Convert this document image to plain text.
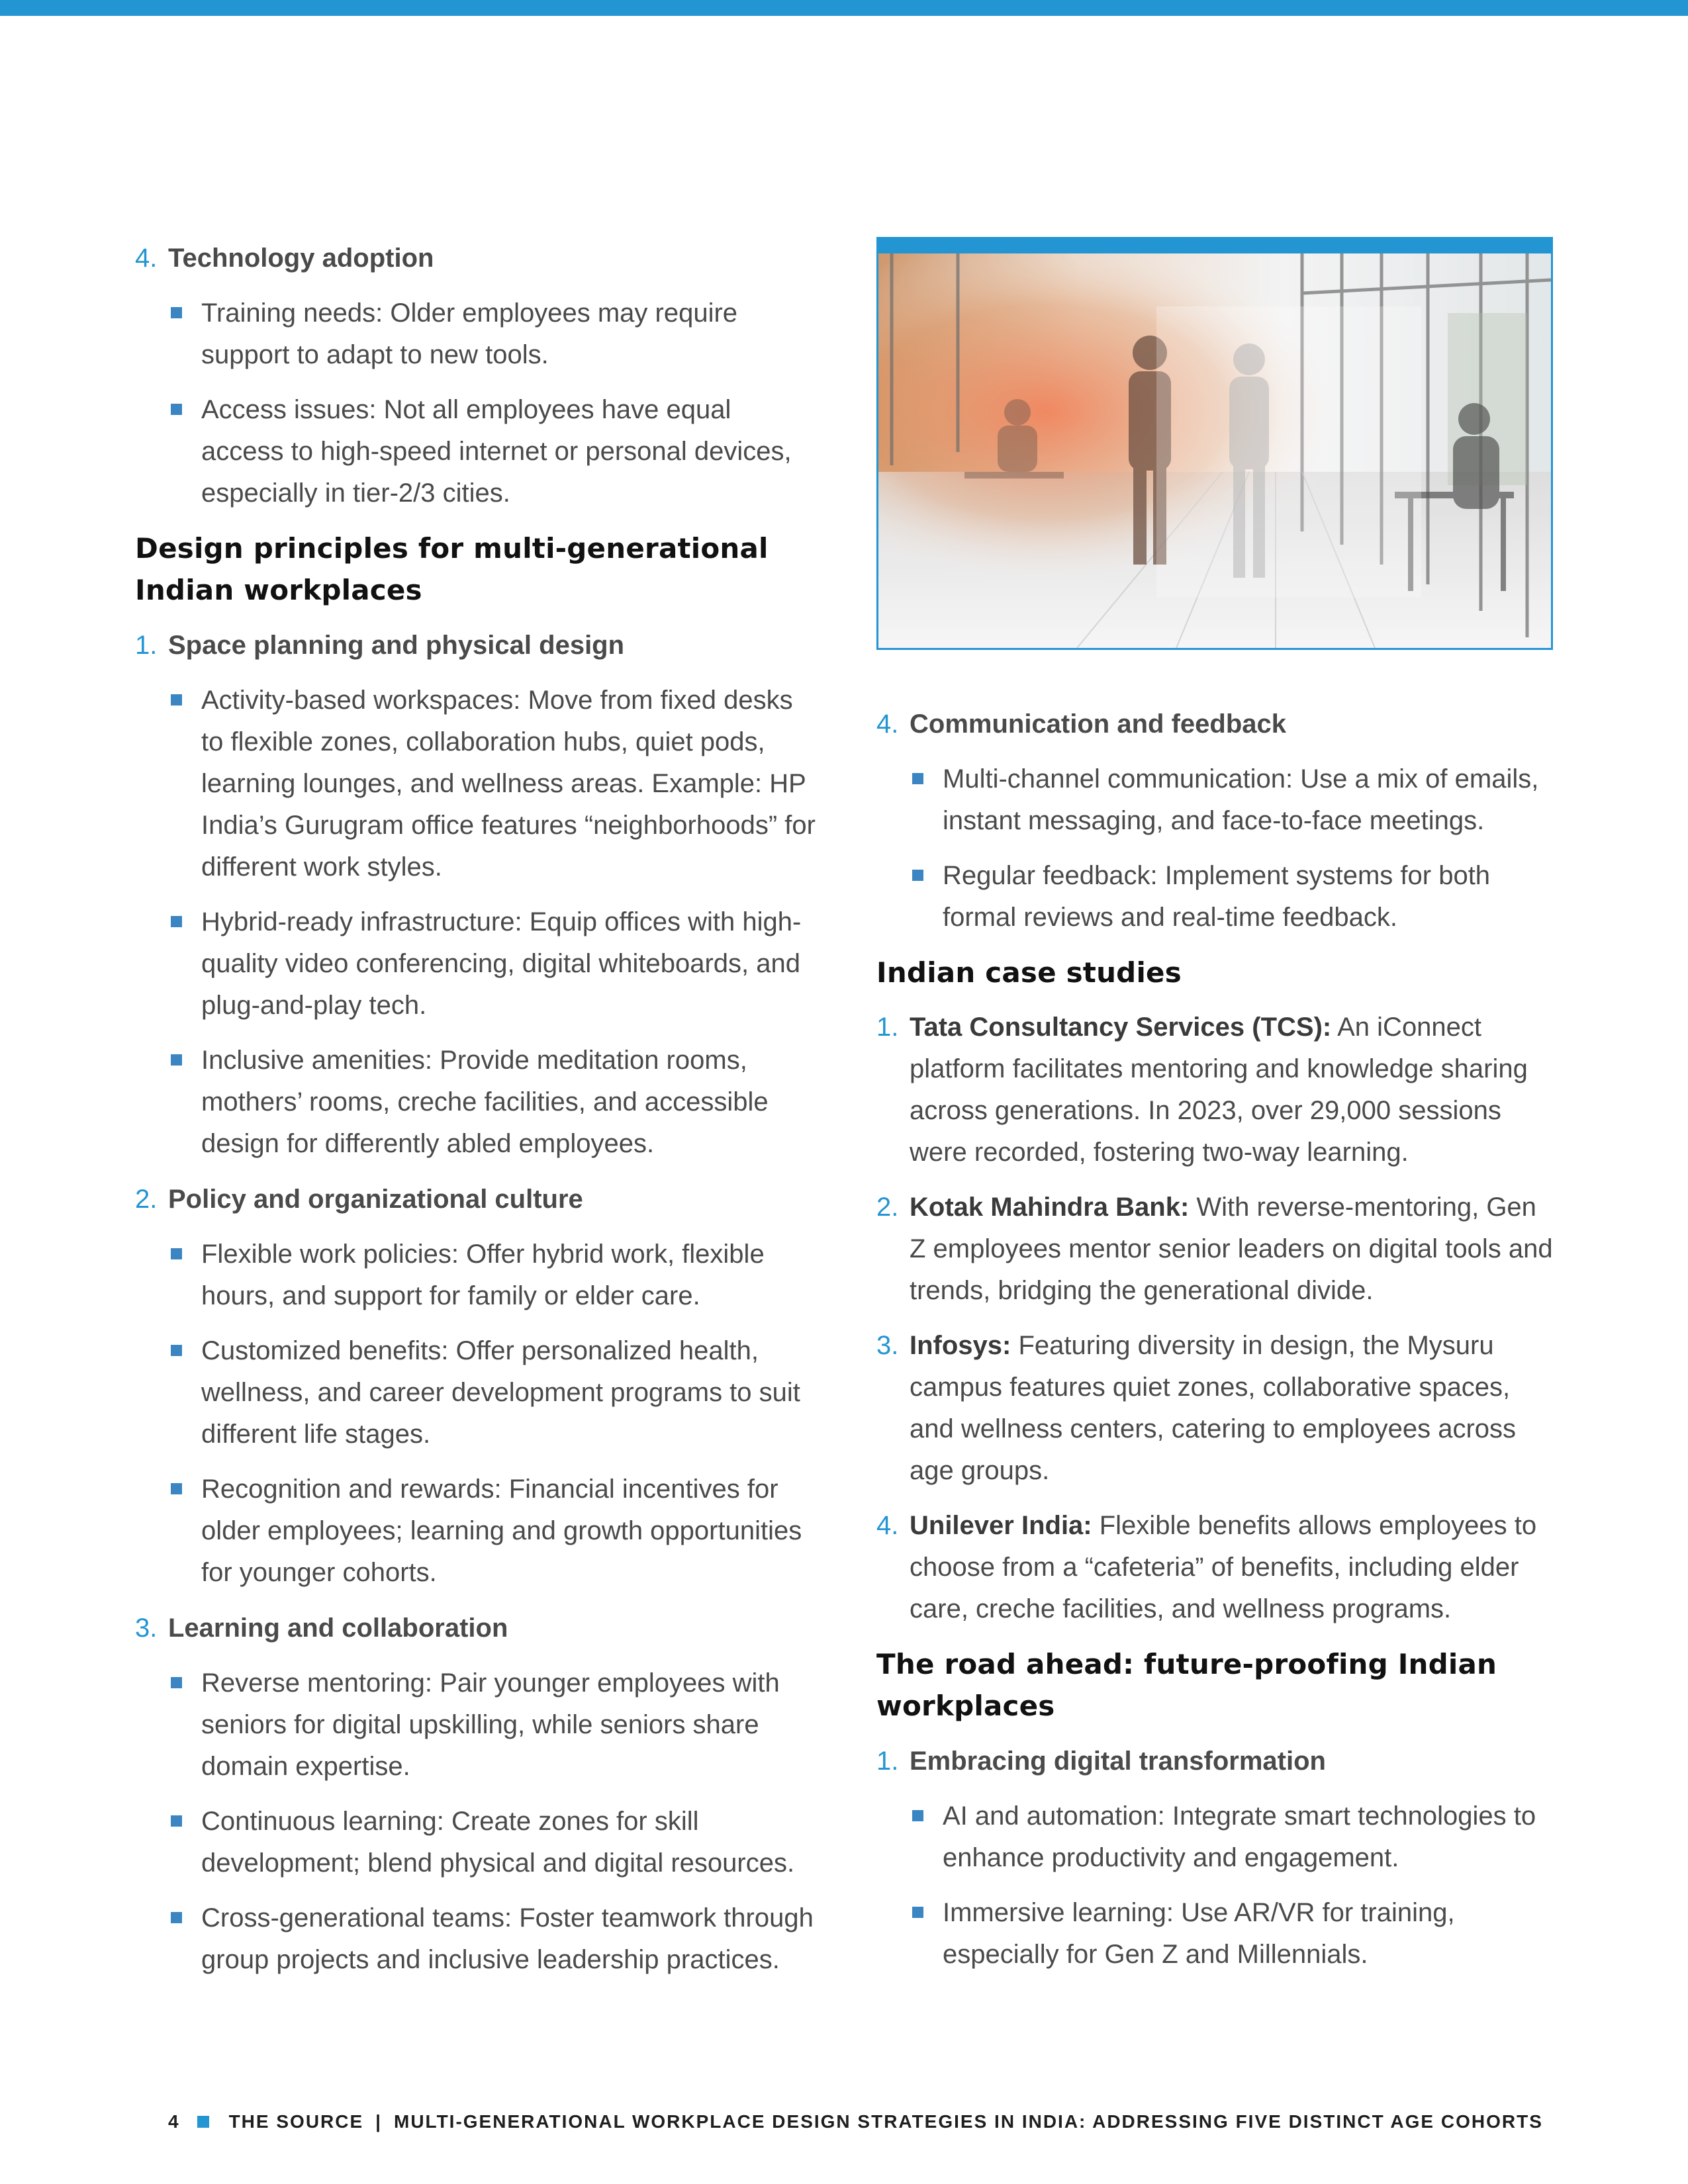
4. Technology adoption
Training needs: Older employees may require support to adapt to new tools.
Access issues: Not all employees have equal access to high-speed internet or personal devices, especially in tier-2/3 cities.
Design principles for multi-generational Indian workplaces
1. Space planning and physical design
Activity-based workspaces: Move from fixed desks to flexible zones, collaboration hubs, quiet pods, learning lounges, and wellness areas. Example: HP India’s Gurugram office features “neighborhoods” for different work styles.
Hybrid-ready infrastructure: Equip offices with high-quality video conferencing, digital whiteboards, and plug-and-play tech.
Inclusive amenities: Provide meditation rooms, mothers’ rooms, creche facilities, and accessible design for differently abled employees.
2. Policy and organizational culture
Flexible work policies: Offer hybrid work, flexible hours, and support for family or elder care.
Customized benefits: Offer personalized health, wellness, and career development programs to suit different life stages.
Recognition and rewards: Financial incentives for older employees; learning and growth opportunities for younger cohorts.
3. Learning and collaboration
Reverse mentoring: Pair younger employees with seniors for digital upskilling, while seniors share domain expertise.
Continuous learning: Create zones for skill development; blend physical and digital resources.
Cross-generational teams: Foster teamwork through group projects and inclusive leadership practices.
4. Communication and feedback
Multi-channel communication: Use a mix of emails, instant messaging, and face-to-face meetings.
Regular feedback: Implement systems for both formal reviews and real-time feedback.
Indian case studies
1. Tata Consultancy Services (TCS): An iConnect platform facilitates mentoring and knowledge sharing across generations. In 2023, over 29,000 sessions were recorded, fostering two-way learning.
2. Kotak Mahindra Bank: With reverse-mentoring, Gen Z employees mentor senior leaders on digital tools and trends, bridging the generational divide.
3. Infosys: Featuring diversity in design, the Mysuru campus features quiet zones, collaborative spaces, and wellness centers, catering to employees across age groups.
4. Unilever India: Flexible benefits allows employees to choose from a “cafeteria” of benefits, including elder care, creche facilities, and wellness programs.
The road ahead: future-proofing Indian workplaces
1. Embracing digital transformation
AI and automation: Integrate smart technologies to enhance productivity and engagement.
Immersive learning: Use AR/VR for training, especially for Gen Z and Millennials.
4	THE SOURCE | MULTI-GENERATIONAL WORKPLACE DESIGN STRATEGIES IN INDIA: ADDRESSING FIVE DISTINCT AGE COHORTS
